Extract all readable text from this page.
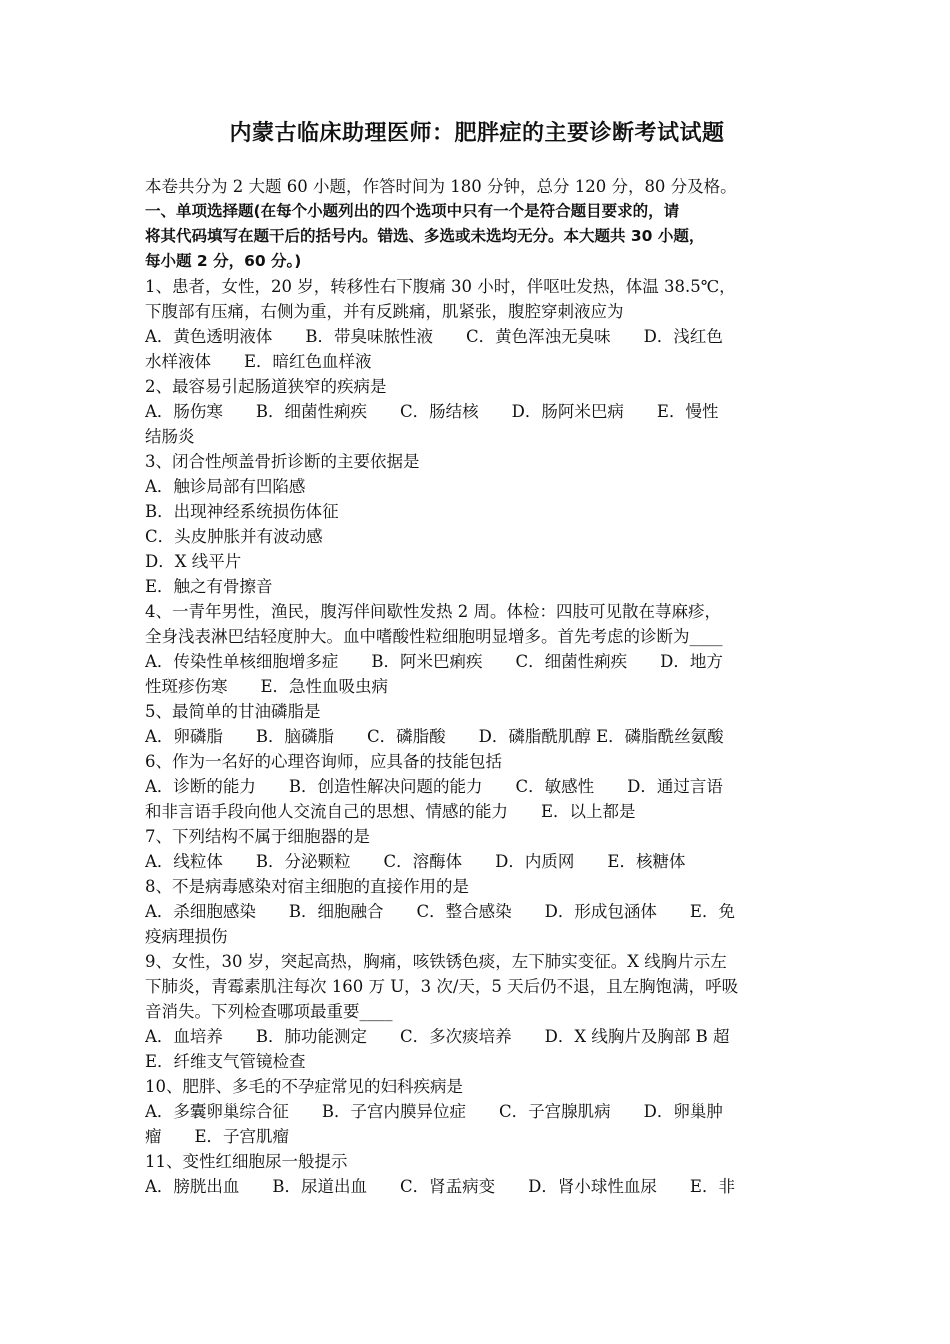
内蒙古临床助理医师：肥胖症的主要诊断考试试题
本卷共分为 2 大题 60 小题，作答时间为 180 分钟，总分 120 分，80 分及格。
一、单项选择题(在每个小题列出的四个选项中只有一个是符合题目要求的，请
将其代码填写在题干后的括号内。错选、多选或未选均无分。本大题共 30 小题，
每小题 2 分，60 分。)
1、患者，女性，20 岁，转移性右下腹痛 30 小时，伴呕吐发热，体温 38.5℃，
下腹部有压痛，右侧为重，并有反跳痛，肌紧张，腹腔穿刺液应为
A．黄色透明液体　　B．带臭味脓性液　　C．黄色浑浊无臭味　　D．浅红色
水样液体　　E．暗红色血样液
2、最容易引起肠道狭窄的疾病是
A．肠伤寒　　B．细菌性痢疾　　C．肠结核　　D．肠阿米巴病　　E．慢性
结肠炎
3、闭合性颅盖骨折诊断的主要依据是
A．触诊局部有凹陷感
B．出现神经系统损伤体征
C．头皮肿胀并有波动感
D．X 线平片
E．触之有骨擦音
4、一青年男性，渔民，腹泻伴间歇性发热 2 周。体检：四肢可见散在荨麻疹，
全身浅表淋巴结轻度肿大。血中嗜酸性粒细胞明显增多。首先考虑的诊断为____
A．传染性单核细胞增多症　　B．阿米巴痢疾　　C．细菌性痢疾　　D．地方
性斑疹伤寒　　E．急性血吸虫病
5、最简单的甘油磷脂是
A．卵磷脂　　B．脑磷脂　　C．磷脂酸　　D．磷脂酰肌醇 E．磷脂酰丝氨酸
6、作为一名好的心理咨询师，应具备的技能包括
A．诊断的能力　　B．创造性解决问题的能力　　C．敏感性　　D．通过言语
和非言语手段向他人交流自己的思想、情感的能力　　E．以上都是
7、下列结构不属于细胞器的是
A．线粒体　　B．分泌颗粒　　C．溶酶体　　D．内质网　　E．核糖体
8、不是病毒感染对宿主细胞的直接作用的是
A．杀细胞感染　　B．细胞融合　　C．整合感染　　D．形成包涵体　　E．免
疫病理损伤
9、女性，30 岁，突起高热，胸痛，咳铁锈色痰，左下肺实变征。X 线胸片示左
下肺炎，青霉素肌注每次 160 万 U，3 次/天，5 天后仍不退，且左胸饱满，呼吸
音消失。下列检查哪项最重要____
A．血培养　　B．肺功能测定　　C．多次痰培养　　D．X 线胸片及胸部 B 超
E．纤维支气管镜检查
10、肥胖、多毛的不孕症常见的妇科疾病是
A．多囊卵巢综合征　　B．子宫内膜异位症　　C．子宫腺肌病　　D．卵巢肿
瘤　　E．子宫肌瘤
11、变性红细胞尿一般提示
A．膀胱出血　　B．尿道出血　　C．肾盂病变　　D．肾小球性血尿　　E．非
